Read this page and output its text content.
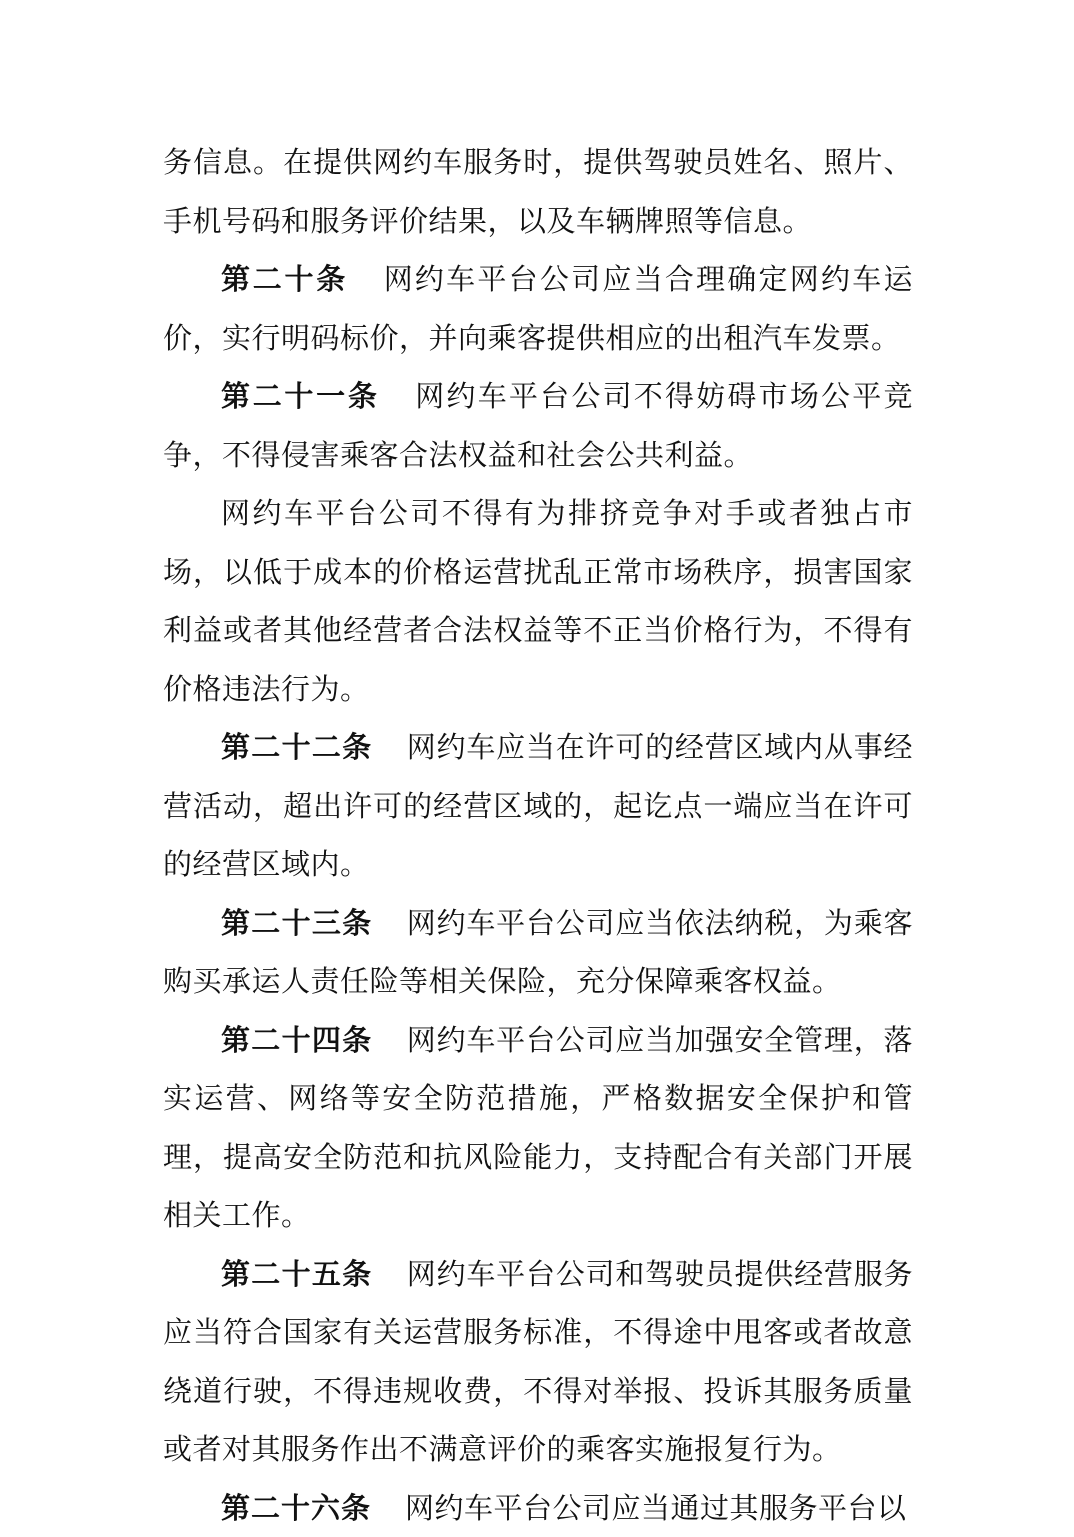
务信息。在提供网约车服务时，提供驾驶员姓名、照片、手机号码和服务评价结果，以及车辆牌照等信息。

第二十条 网约车平台公司应当合理确定网约车运价，实行明码标价，并向乘客提供相应的出租汽车发票。

第二十一条 网约车平台公司不得妨碍市场公平竞争，不得侵害乘客合法权益和社会公共利益。

网约车平台公司不得有为排挤竞争对手或者独占市场，以低于成本的价格运营扰乱正常市场秩序，损害国家利益或者其他经营者合法权益等不正当价格行为，不得有价格违法行为。

第二十二条 网约车应当在许可的经营区域内从事经营活动，超出许可的经营区域的，起讫点一端应当在许可的经营区域内。

第二十三条 网约车平台公司应当依法纳税，为乘客购买承运人责任险等相关保险，充分保障乘客权益。

第二十四条 网约车平台公司应当加强安全管理，落实运营、网络等安全防范措施，严格数据安全保护和管理，提高安全防范和抗风险能力，支持配合有关部门开展相关工作。

第二十五条 网约车平台公司和驾驶员提供经营服务应当符合国家有关运营服务标准，不得途中甩客或者故意绕道行驶，不得违规收费，不得对举报、投诉其服务质量或者对其服务作出不满意评价的乘客实施报复行为。

第二十六条 网约车平台公司应当通过其服务平台以
